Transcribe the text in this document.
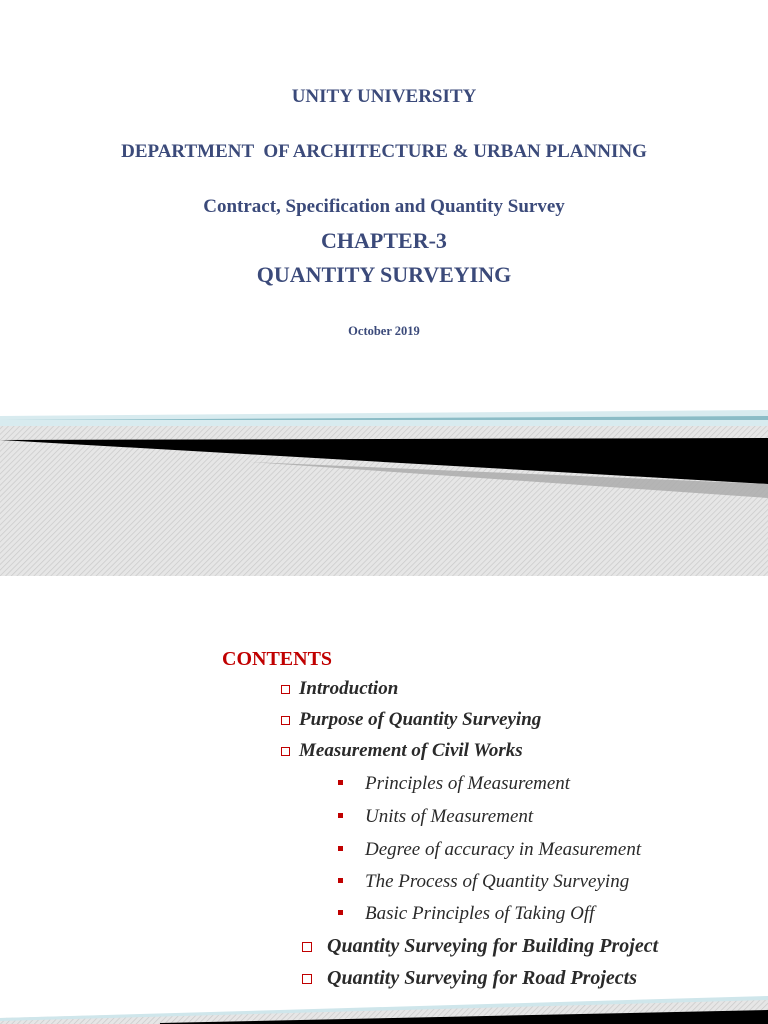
UNITY UNIVERSITY
DEPARTMENT  OF ARCHITECTURE & URBAN PLANNING
Contract, Specification and Quantity Survey
CHAPTER-3
QUANTITY SURVEYING
October 2019
CONTENTS
Introduction
Purpose of Quantity Surveying
Measurement of Civil Works
Principles of Measurement
Units of Measurement
Degree of accuracy in Measurement
The Process of Quantity Surveying
Basic Principles of Taking Off
Quantity Surveying for Building Project
Quantity Surveying for Road Projects
